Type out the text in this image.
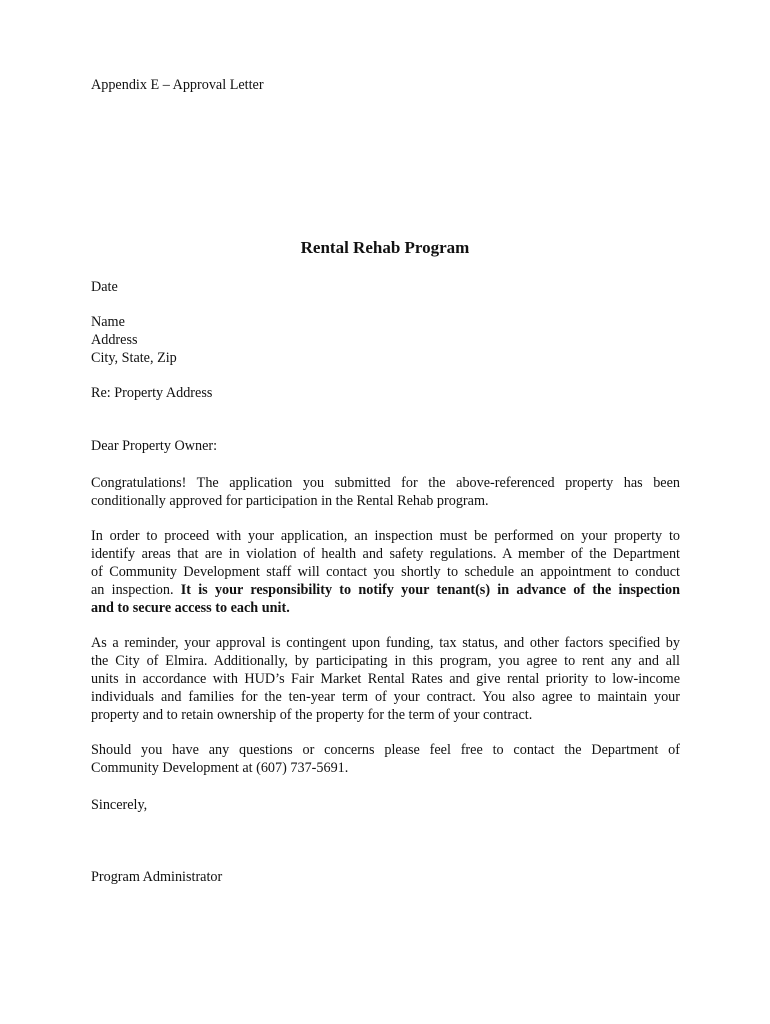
Appendix E – Approval Letter

Rental Rehab Program

Date

Name
Address
City, State, Zip

Re: Property Address

Dear Property Owner:

Congratulations! The application you submitted for the above-referenced property has been
conditionally approved for participation in the Rental Rehab program.

In order to proceed with your application, an inspection must be performed on your property to
identify areas that are in violation of health and safety regulations. A member of the Department
of Community Development staff will contact you shortly to schedule an appointment to conduct
an inspection. It is your responsibility to notify your tenant(s) in advance of the inspection
and to secure access to each unit.

As a reminder, your approval is contingent upon funding, tax status, and other factors specified by
the City of Elmira. Additionally, by participating in this program, you agree to rent any and all
units in accordance with HUD’s Fair Market Rental Rates and give rental priority to low-income
individuals and families for the ten-year term of your contract. You also agree to maintain your
property and to retain ownership of the property for the term of your contract.

Should you have any questions or concerns please feel free to contact the Department of
Community Development at (607) 737-5691.

Sincerely,

Program Administrator
